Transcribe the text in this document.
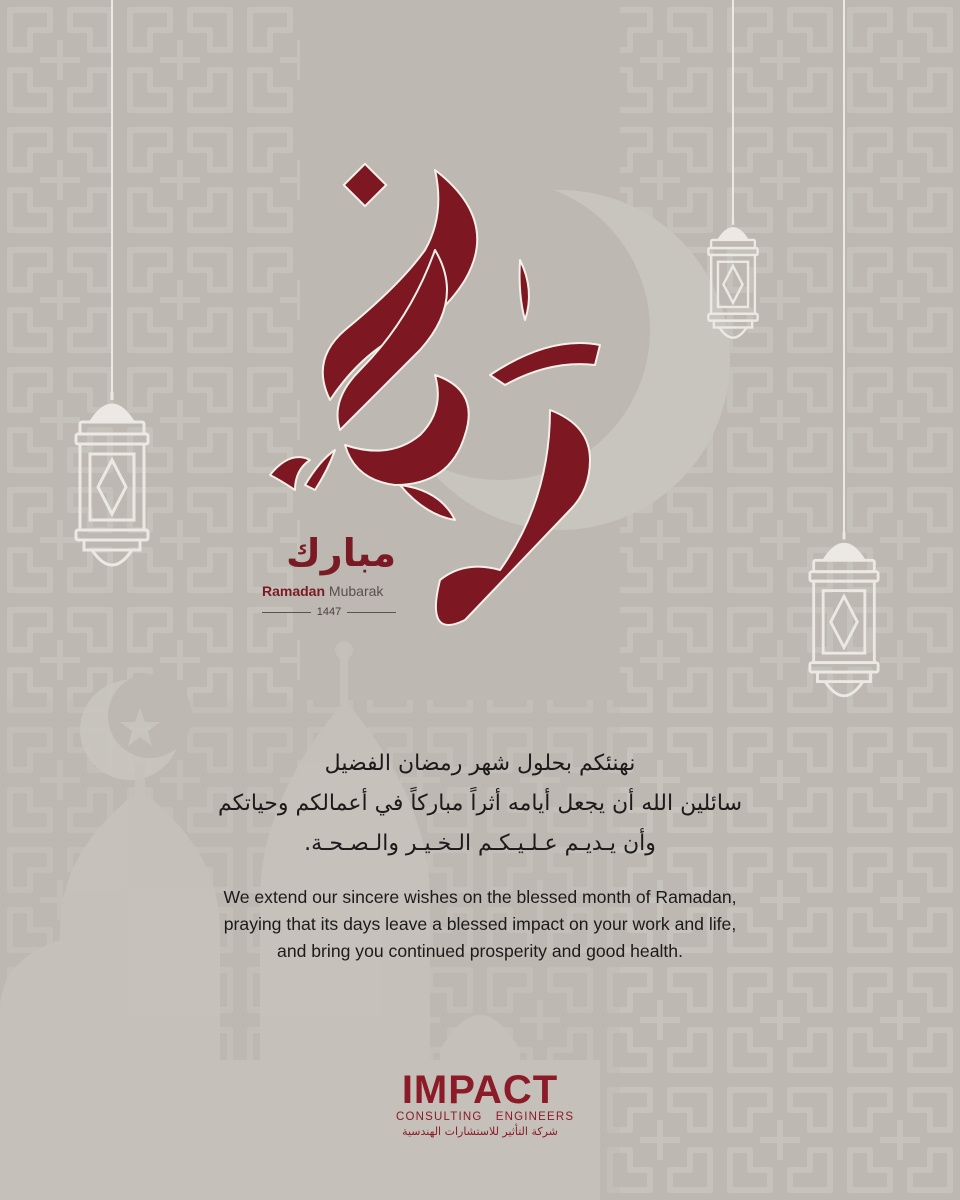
مبارك
Ramadan Mubarak
1447
نهنئكم بحلول شهر رمضان الفضيل
سائلين الله أن يجعل أيامه أثراً مباركاً في أعمالكم وحياتكم
وأن يـديـم عـلـيـكـم الـخـيـر والـصـحـة.
We extend our sincere wishes on the blessed month of Ramadan,
praying that its days leave a blessed impact on your work and life,
and bring you continued prosperity and good health.
IMPACT
CONSULTING   ENGINEERS
شركة التأثير للاستشارات الهندسية
